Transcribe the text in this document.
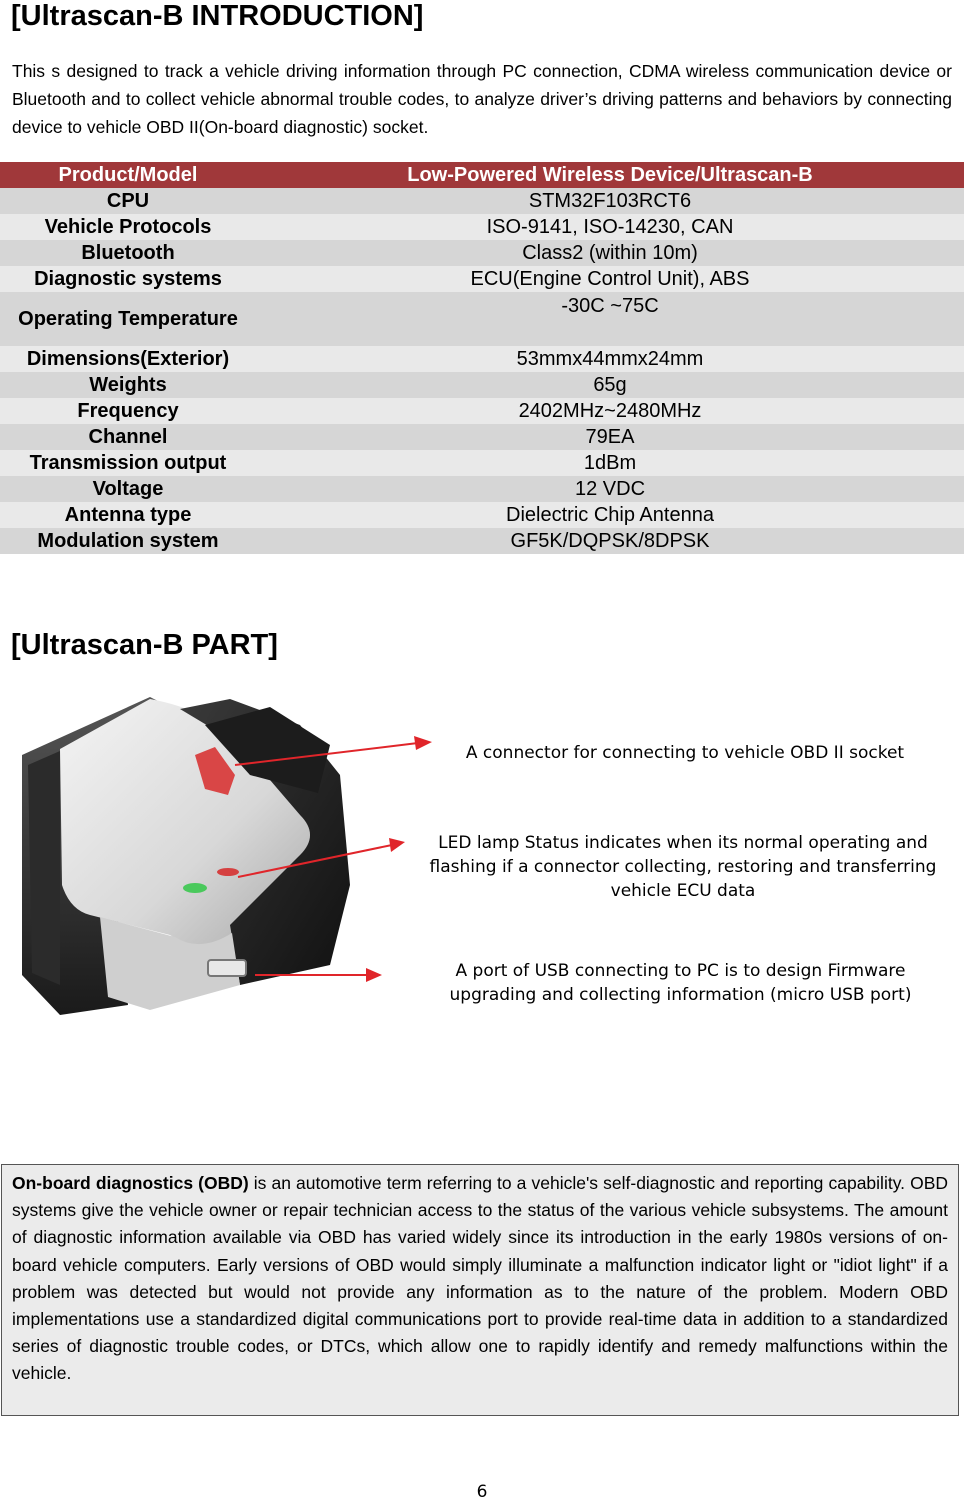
[Ultrascan-B INTRODUCTION]

This s designed to track a vehicle driving information through PC connection, CDMA wireless communication device or Bluetooth and to collect vehicle abnormal trouble codes, to analyze driver’s driving patterns and behaviors by connecting device to vehicle OBD II(On-board diagnostic) socket.

Product/Model	Low-Powered Wireless Device/Ultrascan-B
CPU	STM32F103RCT6
Vehicle Protocols	ISO-9141, ISO-14230, CAN
Bluetooth	Class2 (within 10m)
Diagnostic systems	ECU(Engine Control Unit), ABS
Operating Temperature	-30C ~75C
Dimensions(Exterior)	53mmx44mmx24mm
Weights	65g
Frequency	2402MHz~2480MHz
Channel	79EA
Transmission output	1dBm
Voltage	12 VDC
Antenna type	Dielectric Chip Antenna
Modulation system	GF5K/DQPSK/8DPSK
[Ultrascan-B PART]
A connector for connecting to vehicle OBD II socket
LED lamp Status indicates when its normal operating and flashing if a connector collecting, restoring and transferring vehicle ECU data
A port of USB connecting to PC is to design Firmware upgrading and collecting information (micro USB port)
On-board diagnostics (OBD) is an automotive term referring to a vehicle's self-diagnostic and reporting capability. OBD systems give the vehicle owner or repair technician access to the status of the various vehicle subsystems. The amount of diagnostic information available via OBD has varied widely since its introduction in the early 1980s versions of on-board vehicle computers. Early versions of OBD would simply illuminate a malfunction indicator light or "idiot light" if a problem was detected but would not provide any information as to the nature of the problem. Modern OBD implementations use a standardized digital communications port to provide real-time data in addition to a standardized series of diagnostic trouble codes, or DTCs, which allow one to rapidly identify and remedy malfunctions within the vehicle.
6
